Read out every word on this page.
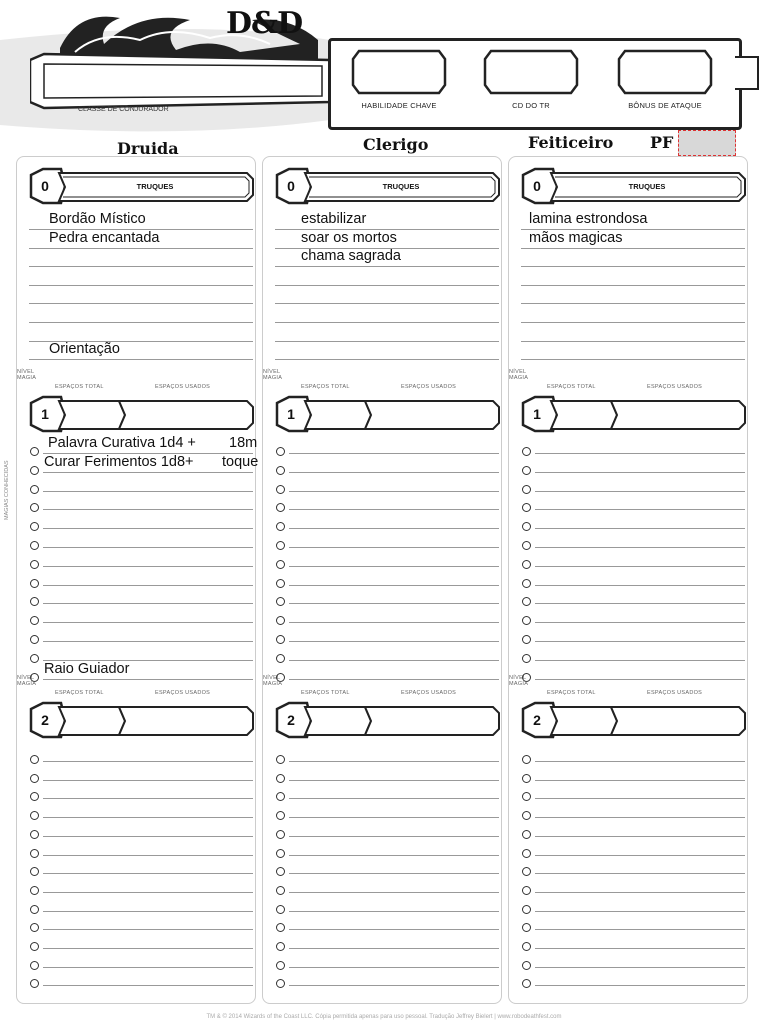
D&D
CLASSE DE CONJURADOR	HABILIDADE CHAVE	CD DO TR	BÔNUS DE ATAQUE
Druida	Clerigo	Feiticeiro PF
MAGIAS CONHECIDAS
0	TRUQUES
Bordão Místico
Pedra encantada
Orientação
1
NÍVEL
MAGIA
ESPAÇOS TOTAL	ESPAÇOS USADOS
Palavra Curativa 1d4 + 18m
Curar Ferimentos 1d8+ toque
Raio Guiador
2
NÍVEL
MAGIA
ESPAÇOS TOTAL	ESPAÇOS USADOS
0	TRUQUES
estabilizar
soar os mortos
chama sagrada
1
NÍVEL
MAGIA
ESPAÇOS TOTAL	ESPAÇOS USADOS
2
NÍVEL
MAGIA
ESPAÇOS TOTAL	ESPAÇOS USADOS
0	TRUQUES
lamina estrondosa
mãos magicas
1
NÍVEL
MAGIA
ESPAÇOS TOTAL	ESPAÇOS USADOS
2
NÍVEL
MAGIA
ESPAÇOS TOTAL	ESPAÇOS USADOS
TM & © 2014 Wizards of the Coast LLC. Cópia permitida apenas para uso pessoal. Tradução Jeffrey Bielert | www.robodeathfest.com
